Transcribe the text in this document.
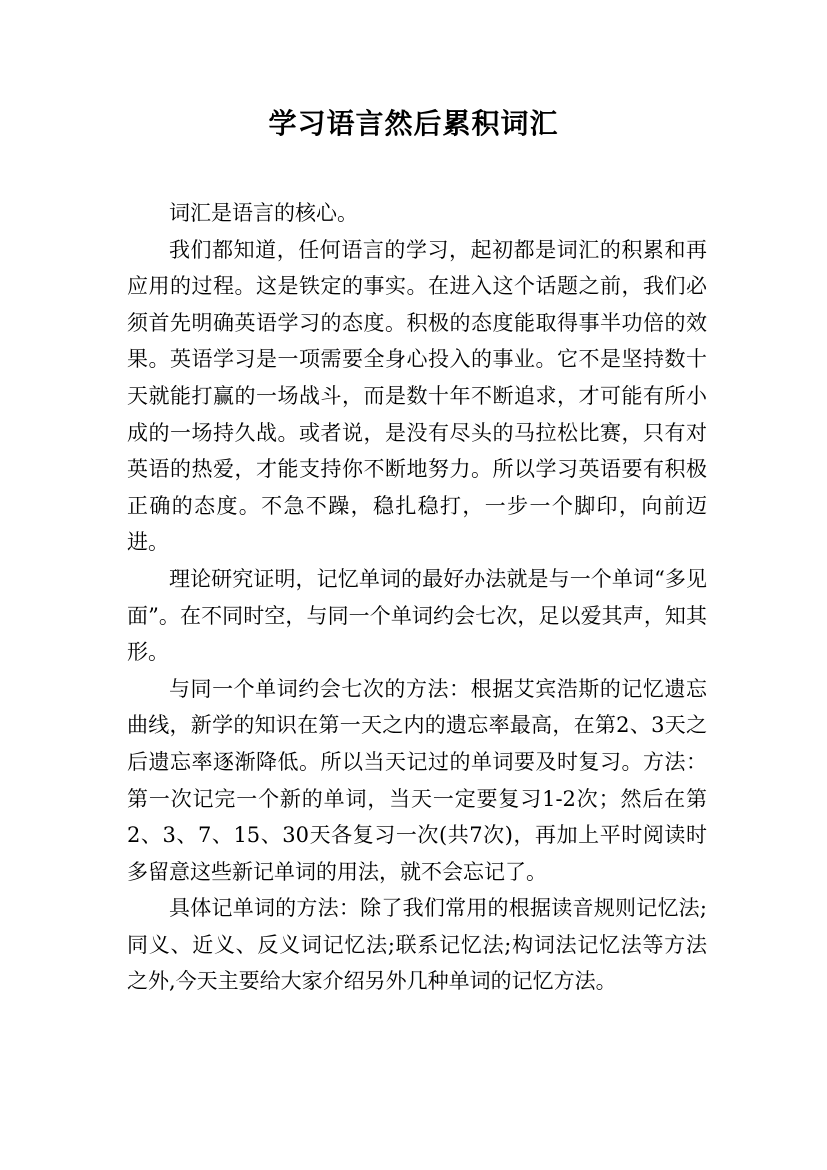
学习语言然后累积词汇

词汇是语言的核心。

我们都知道，任何语言的学习，起初都是词汇的积累和再应用的过程。这是铁定的事实。在进入这个话题之前，我们必须首先明确英语学习的态度。积极的态度能取得事半功倍的效果。英语学习是一项需要全身心投入的事业。它不是坚持数十天就能打赢的一场战斗，而是数十年不断追求，才可能有所小成的一场持久战。或者说，是没有尽头的马拉松比赛，只有对英语的热爱，才能支持你不断地努力。所以学习英语要有积极正确的态度。不急不躁，稳扎稳打，一步一个脚印，向前迈进。

理论研究证明，记忆单词的最好办法就是与一个单词“多见面”。在不同时空，与同一个单词约会七次，足以爱其声，知其形。

与同一个单词约会七次的方法：根据艾宾浩斯的记忆遗忘曲线，新学的知识在第一天之内的遗忘率最高，在第2、3天之后遗忘率逐渐降低。所以当天记过的单词要及时复习。方法：第一次记完一个新的单词，当天一定要复习1-2次；然后在第2、3、7、15、30天各复习一次(共7次)，再加上平时阅读时多留意这些新记单词的用法，就不会忘记了。

具体记单词的方法：除了我们常用的根据读音规则记忆法;同义、近义、反义词记忆法;联系记忆法;构词法记忆法等方法之外,今天主要给大家介绍另外几种单词的记忆方法。
